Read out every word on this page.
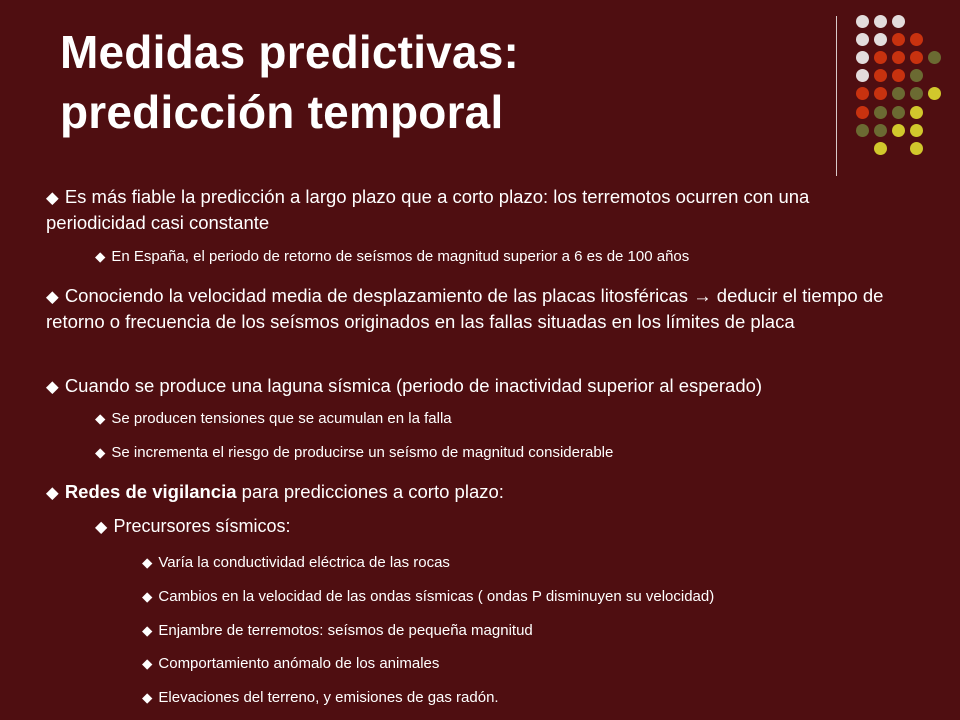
Medidas predictivas:
predicción temporal

◆ Es más fiable la predicción a largo plazo que a corto plazo: los terremotos ocurren con una periodicidad casi constante

◆ En España, el periodo de retorno de seísmos de magnitud superior a 6 es de 100 años

◆ Conociendo la velocidad media de desplazamiento de las placas litosféricas → deducir el tiempo de retorno o frecuencia de los seísmos originados en las fallas situadas en los límites de placa

◆ Cuando se produce una laguna sísmica (periodo de inactividad superior al esperado)

◆ Se producen tensiones que se acumulan en la falla

◆ Se incrementa el riesgo de producirse un seísmo de magnitud considerable

◆ Redes de vigilancia para predicciones a corto plazo:

◆ Precursores sísmicos:

◆ Varía la conductividad eléctrica de las rocas

◆ Cambios en la velocidad de las ondas sísmicas ( ondas P disminuyen su velocidad)

◆ Enjambre de terremotos: seísmos de pequeña magnitud

◆ Comportamiento anómalo de los animales

◆ Elevaciones del terreno, y emisiones de gas radón.
